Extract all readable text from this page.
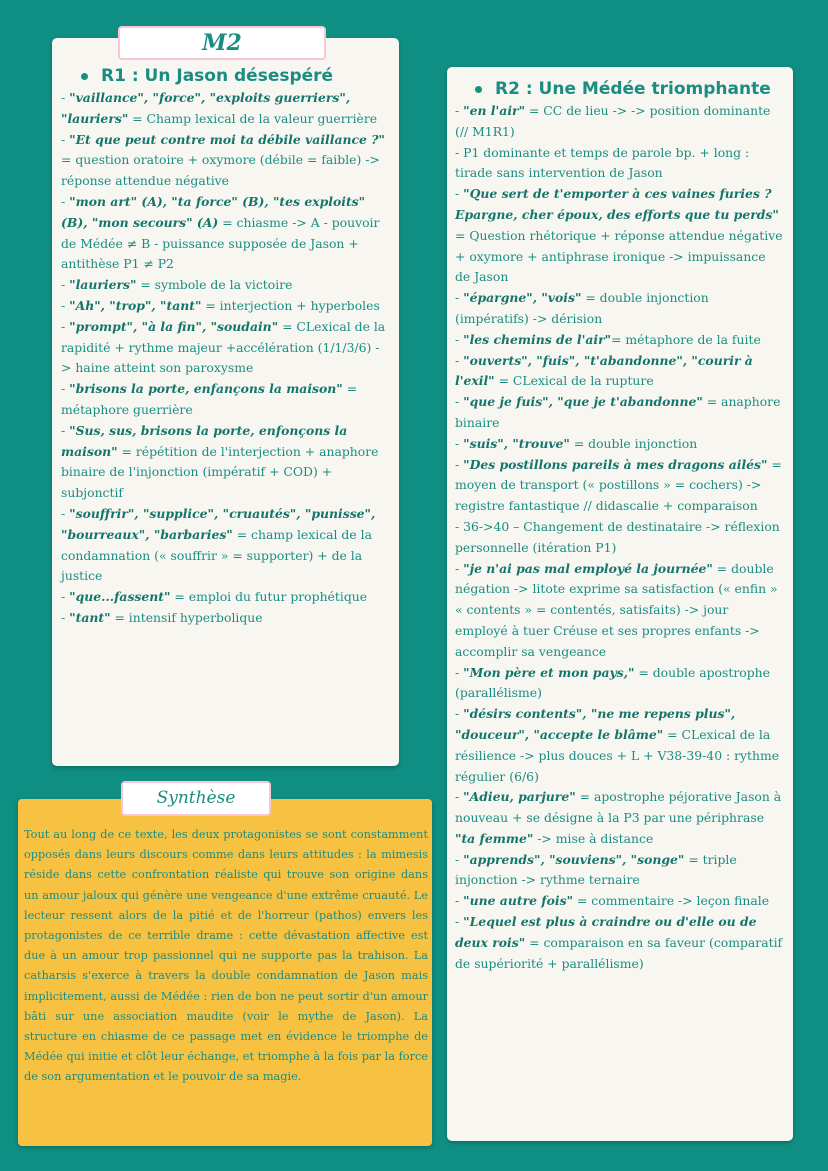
R1 : Un Jason désespéré

- "vaillance", "force", "exploits guerriers", "lauriers" = Champ lexical de la valeur guerrière

- "Et que peut contre moi ta débile vaillance ?" = question oratoire + oxymore (débile = faible) -> réponse attendue négative

- "mon art" (A), "ta force" (B), "tes exploits" (B), "mon secours" (A) = chiasme -> A - pouvoir de Médée ≠ B - puissance supposée de Jason + antithèse P1 ≠ P2

- "lauriers" = symbole de la victoire

- "Ah", "trop", "tant" = interjection + hyperboles

- "prompt", "à la fin", "soudain" = CLexical de la rapidité + rythme majeur +accélération (1/1/3/6) -> haine atteint son paroxysme

- "brisons la porte, enfançons la maison" = métaphore guerrière

- "Sus, sus, brisons la porte, enfonçons la maison" = répétition de l'interjection + anaphore binaire de l'injonction (impératif + COD) + subjonctif

- "souffrir", "supplice", "cruautés", "punisse", "bourreaux", "barbaries" = champ lexical de la condamnation (« souffrir » = supporter) + de la justice

- "que...fassent" = emploi du futur prophétique

- "tant" = intensif hyperbolique

M2
R2 : Une Médée triomphante

- "en l'air" = CC de lieu -> -> position dominante (// M1R1)

- P1 dominante et temps de parole bp. + long : tirade sans intervention de Jason

- "Que sert de t'emporter à ces vaines furies ?Epargne, cher époux, des efforts que tu perds" = Question rhétorique + réponse attendue négative + oxymore + antiphrase ironique -> impuissance de Jason

- "épargne", "vois" = double injonction (impératifs) -> dérision

- "les chemins de l'air"= métaphore de la fuite

- "ouverts", "fuis", "t'abandonne", "courir à l'exil" = CLexical de la rupture

- "que je fuis", "que je t'abandonne" = anaphore binaire

- "suis", "trouve" = double injonction

- "Des postillons pareils à mes dragons ailés" = moyen de transport (« postillons » = cochers) -> registre fantastique // didascalie + comparaison

- 36->40 – Changement de destinataire -> réflexion personnelle (itération P1)

- "je n'ai pas mal employé la journée" = double négation -> litote exprime sa satisfaction (« enfin » « contents » = contentés, satisfaits) -> jour employé à tuer Créuse et ses propres enfants -> accomplir sa vengeance

- "Mon père et mon pays," = double apostrophe (parallélisme)

- "désirs contents", "ne me repens plus", "douceur", "accepte le blâme" = CLexical de la résilience -> plus douces + L + V38-39-40 : rythme régulier (6/6)

- "Adieu, parjure" = apostrophe péjorative Jason à nouveau + se désigne à la P3 par une périphrase "ta femme" -> mise à distance

- "apprends", "souviens", "songe" = triple injonction -> rythme ternaire

- "une autre fois" = commentaire -> leçon finale

- "Lequel est plus à craindre ou d'elle ou de deux rois" = comparaison en sa faveur (comparatif de supériorité + parallélisme)

Tout au long de ce texte, les deux protagonistes se sont constamment opposés dans leurs discours comme dans leurs attitudes : la mimesis réside dans cette confrontation réaliste qui trouve son origine dans un amour jaloux qui génère une vengeance d'une extrême cruauté. Le lecteur ressent alors de la pitié et de l'horreur (pathos) envers les protagonistes de ce terrible drame : cette dévastation affective est due à un amour trop passionnel qui ne supporte pas la trahison. La catharsis s'exerce à travers la double condamnation de Jason mais implicitement, aussi de Médée : rien de bon ne peut sortir d'un amour bâti sur une association maudite (voir le mythe de Jason). La structure en chiasme de ce passage met en évidence le triomphe de Médée qui initie et clôt leur échange, et triomphe à la fois par la force de son argumentation et le pouvoir de sa magie.

Synthèse
